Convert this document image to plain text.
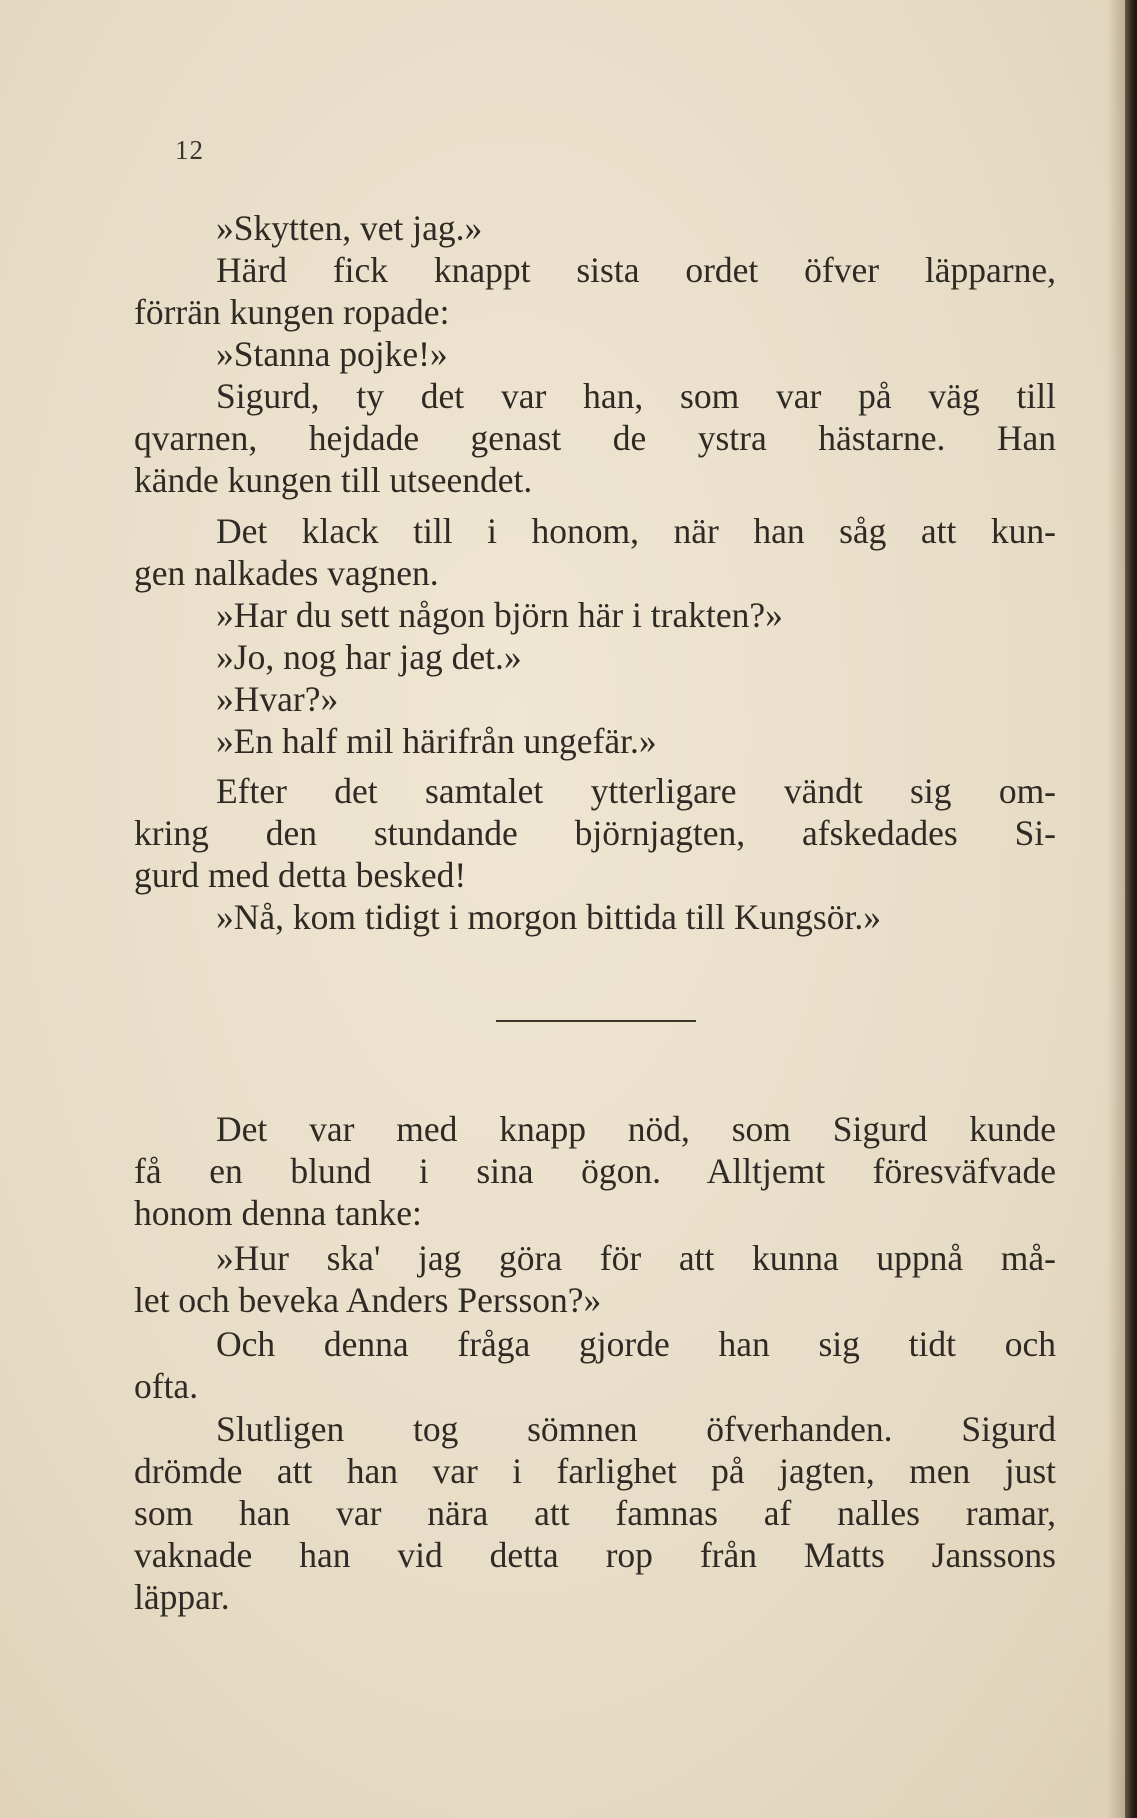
12
»Skytten, vet jag.»
Härd fick knappt sista ordet öfver läpparne,
förrän kungen ropade:
»Stanna pojke!»
Sigurd, ty det var han, som var på väg till
qvarnen, hejdade genast de ystra hästarne. Han
kände kungen till utseendet.
Det klack till i honom, när han såg att kun-
gen nalkades vagnen.
»Har du sett någon björn här i trakten?»
»Jo, nog har jag det.»
»Hvar?»
»En half mil härifrån ungefär.»
Efter det samtalet ytterligare vändt sig om-
kring den stundande björnjagten, afskedades Si-
gurd med detta besked!
»Nå, kom tidigt i morgon bittida till Kungsör.»
Det var med knapp nöd, som Sigurd kunde
få en blund i sina ögon. Alltjemt föresväfvade
honom denna tanke:
»Hur ska' jag göra för att kunna uppnå må-
let och beveka Anders Persson?»
Och denna fråga gjorde han sig tidt och
ofta.
Slutligen tog sömnen öfverhanden. Sigurd
drömde att han var i farlighet på jagten, men just
som han var nära att famnas af nalles ramar,
vaknade han vid detta rop från Matts Janssons
läppar.
